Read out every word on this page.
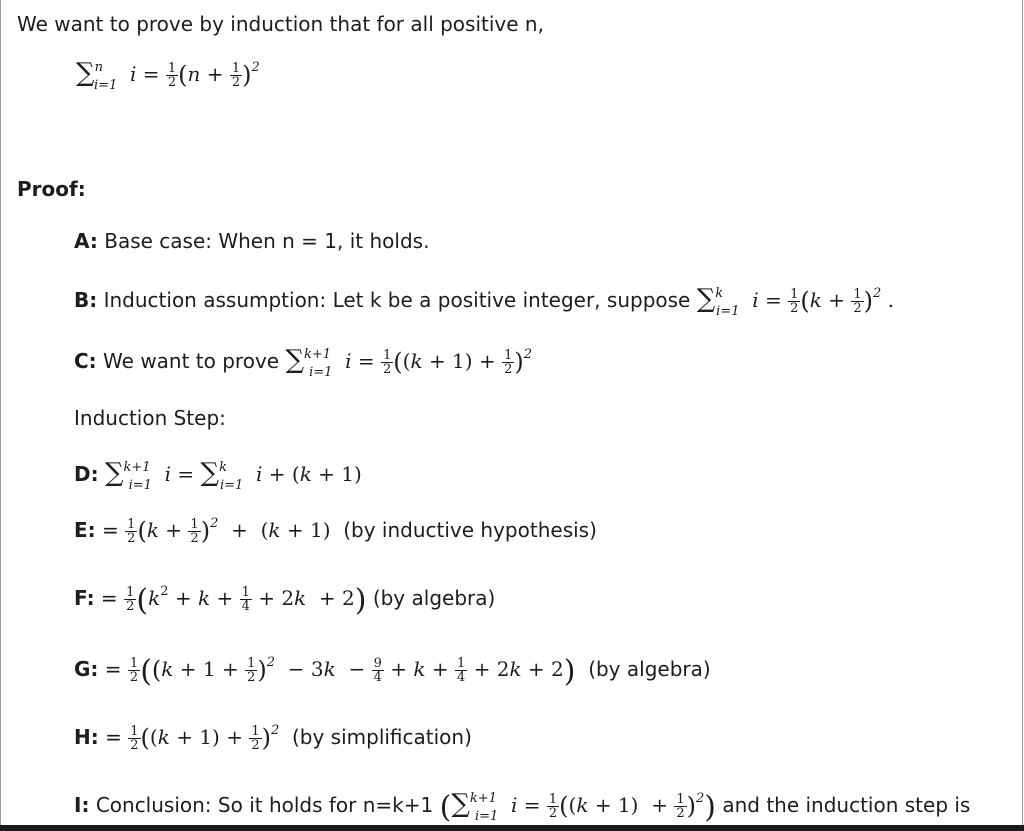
We want to prove by induction that for all positive n,
∑$^n_{i=1}$  $i = \frac{1}{2} (n + \frac{1}{2} )^2$
Proof:
A: Base case: When n = 1, it holds.
B: Induction assumption: Let k be a positive integer, suppose ∑$^k_{i=1}$  $i = \frac{1}{2} (k + \frac{1}{2} )^2$ .
C: We want to prove ∑$^{k+1}_{i=1}$  $i = \frac{1}{2} ((k + 1) + \frac{1}{2} )^2$
Induction Step:
D: ∑$^{k+1}_{i=1}$  i = ∑$^k_{i=1}$  i + (k + 1)
E: = $\frac{1}{2} (k + \frac{1}{2} )^2 + (k + 1)$ (by inductive hypothesis)
F: = $\frac{1}{2} (k^2 + k + \frac{1}{4} + 2k + 2)$ (by algebra)
G: = $\frac{1}{2} ((k + 1 + \frac{1}{2} )^2 - 3k - \frac{9}{4} + k + \frac{1}{4} + 2k + 2)$ (by algebra)
H: = $\frac{1}{2} ((k + 1) + \frac{1}{2} )^2$ (by simplification)
I: Conclusion: So it holds for n=k+1 (∑$^{k+1}_{i=1}$  $i = \frac{1}{2} ((k + 1) + \frac{1}{2} )^2$) and the induction step is
